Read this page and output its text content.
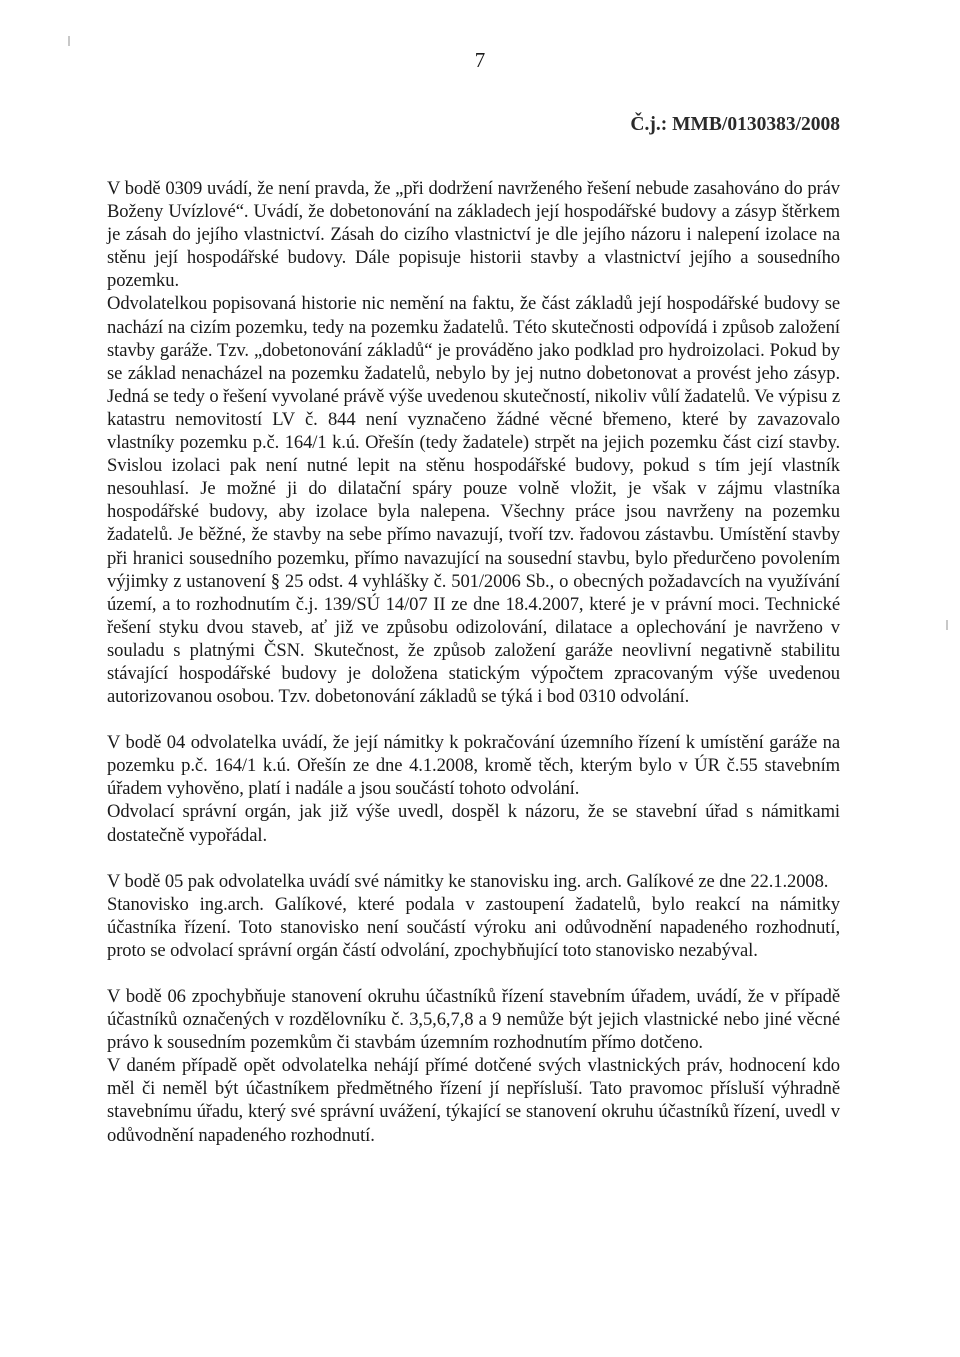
7
Č.j.: MMB/0130383/2008

V bodě 0309 uvádí, že není pravda, že „při dodržení navrženého řešení nebude zasahováno do práv Boženy Uvízlové“. Uvádí, že dobetonování na základech její hospodářské budovy a zásyp štěrkem je zásah do jejího vlastnictví. Zásah do cizího vlastnictví je dle jejího názoru i nalepení izolace na stěnu její hospodářské budovy. Dále popisuje historii stavby a vlastnictví jejího a sousedního pozemku.

Odvolatelkou popisovaná historie nic nemění na faktu, že část základů její hospodářské budovy se nachází na cizím pozemku, tedy na pozemku žadatelů. Této skutečnosti odpovídá i způsob založení stavby garáže. Tzv. „dobetonování základů“ je prováděno jako podklad pro hydroizolaci. Pokud by se základ nenacházel na pozemku žadatelů, nebylo by jej nutno dobetonovat a provést jeho zásyp. Jedná se tedy o řešení vyvolané právě výše uvedenou skutečností, nikoliv vůlí žadatelů. Ve výpisu z katastru nemovitostí LV č. 844 není vyznačeno žádné věcné břemeno, které by zavazovalo vlastníky pozemku p.č. 164/1 k.ú. Ořešín (tedy žadatele) strpět na jejich pozemku část cizí stavby. Svislou izolaci pak není nutné lepit na stěnu hospodářské budovy, pokud s tím její vlastník nesouhlasí. Je možné ji do dilatační spáry pouze volně vložit, je však v zájmu vlastníka hospodářské budovy, aby izolace byla nalepena. Všechny práce jsou navrženy na pozemku žadatelů. Je běžné, že stavby na sebe přímo navazují, tvoří tzv. řadovou zástavbu. Umístění stavby při hranici sousedního pozemku, přímo navazující na sousední stavbu, bylo předurčeno povolením výjimky z ustanovení § 25 odst. 4 vyhlášky č. 501/2006 Sb., o obecných požadavcích na využívání území, a to rozhodnutím č.j. 139/SÚ 14/07 II ze dne 18.4.2007, které je v právní moci. Technické řešení styku dvou staveb, ať již ve způsobu odizolování, dilatace a oplechování je navrženo v souladu s platnými ČSN. Skutečnost, že způsob založení garáže neovlivní negativně stabilitu stávající hospodářské budovy je doložena statickým výpočtem zpracovaným výše uvedenou autorizovanou osobou. Tzv. dobetonování základů se týká i bod 0310 odvolání.

V bodě 04 odvolatelka uvádí, že její námitky k pokračování územního řízení k umístění garáže na pozemku p.č. 164/1 k.ú. Ořešín ze dne 4.1.2008, kromě těch, kterým bylo v ÚR č.55 stavebním úřadem vyhověno, platí i nadále a jsou součástí tohoto odvolání.

Odvolací správní orgán, jak již výše uvedl, dospěl k názoru, že se stavební úřad s námitkami dostatečně vypořádal.

V bodě 05 pak odvolatelka uvádí své námitky ke stanovisku ing. arch. Galíkové ze dne 22.1.2008.

Stanovisko ing.arch. Galíkové, které podala v zastoupení žadatelů, bylo reakcí na námitky účastníka řízení. Toto stanovisko není součástí výroku ani odůvodnění napadeného rozhodnutí, proto se odvolací správní orgán částí odvolání, zpochybňující toto stanovisko nezabýval.

V bodě 06 zpochybňuje stanovení okruhu účastníků řízení stavebním úřadem, uvádí, že v případě účastníků označených v rozdělovníku č. 3,5,6,7,8 a 9 nemůže být jejich vlastnické nebo jiné věcné právo k sousedním pozemkům či stavbám územním rozhodnutím přímo dotčeno.

V daném případě opět odvolatelka nehájí přímé dotčené svých vlastnických práv, hodnocení kdo měl či neměl být účastníkem předmětného řízení jí nepřísluší. Tato pravomoc přísluší výhradně stavebnímu úřadu, který své správní uvážení, týkající se stanovení okruhu účastníků řízení, uvedl v odůvodnění napadeného rozhodnutí.
